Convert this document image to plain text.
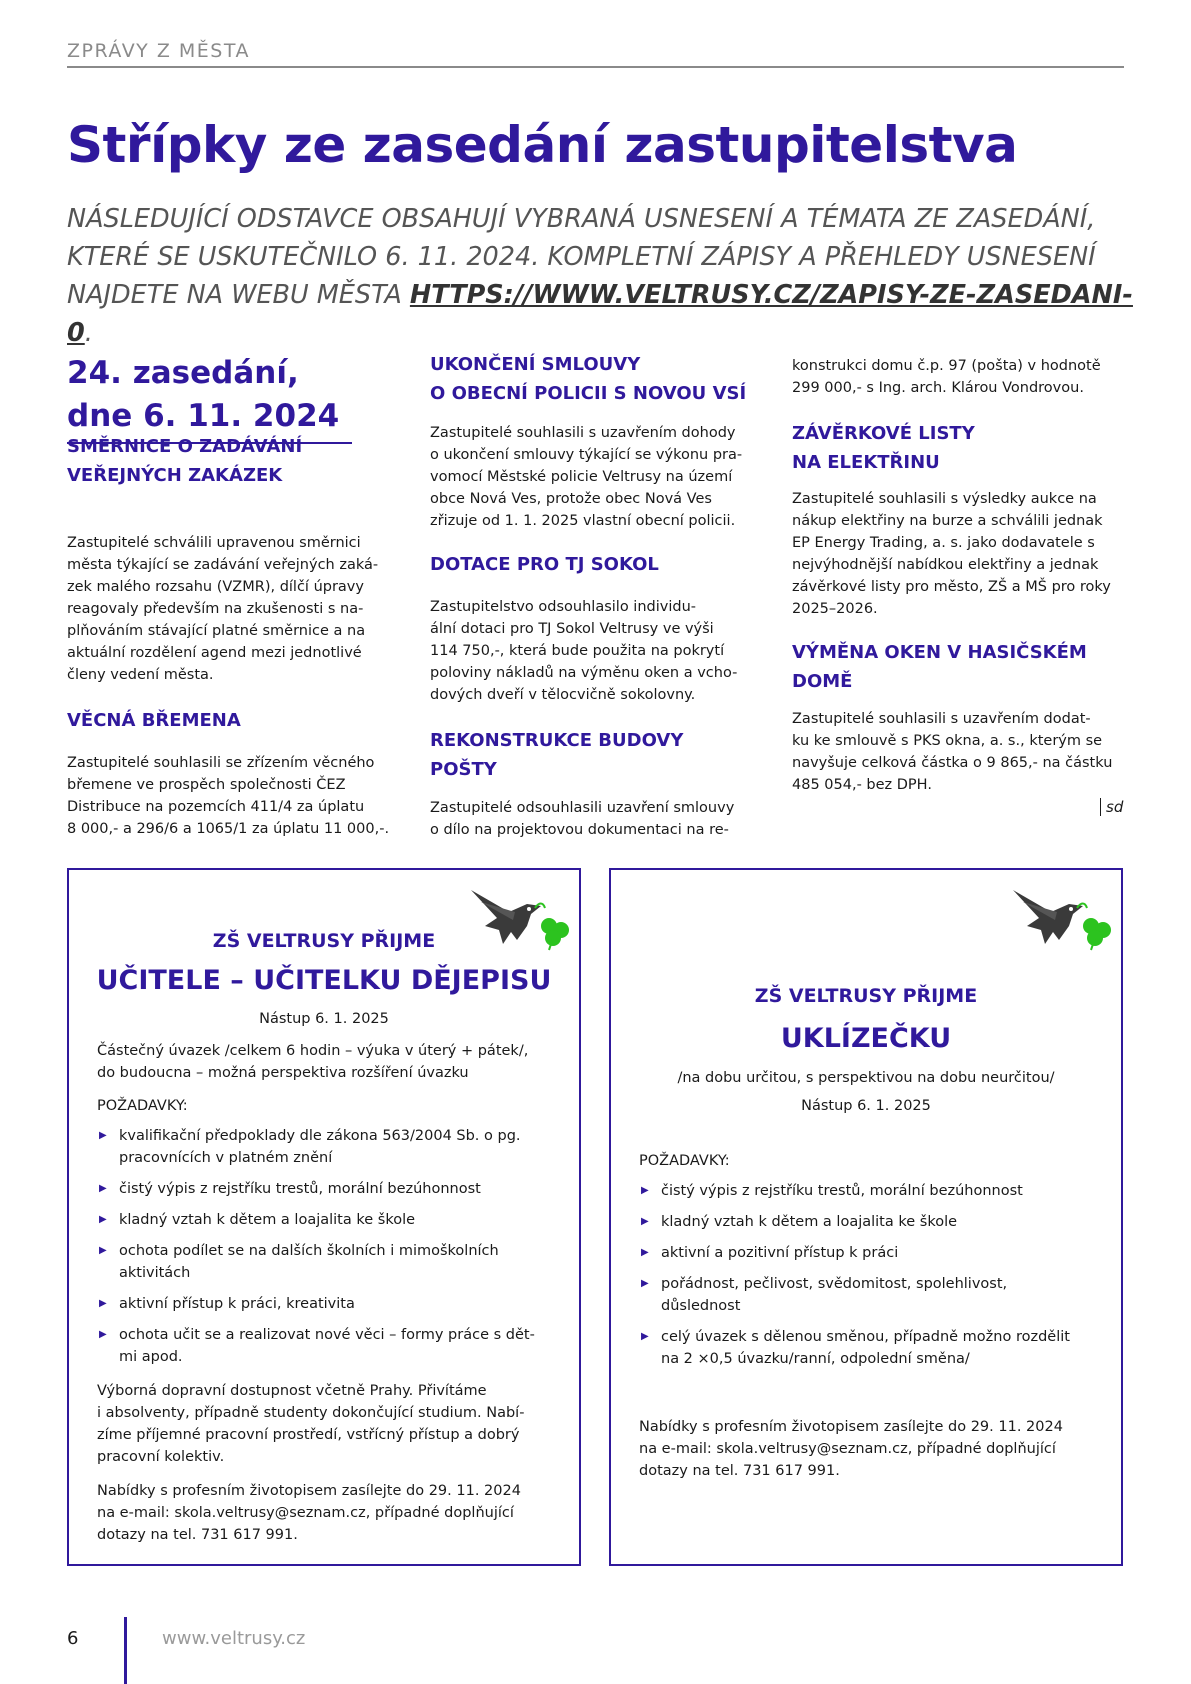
ZPRÁVY Z MĚSTA
Střípky ze zasedání zastupitelstva
NÁSLEDUJÍCÍ ODSTAVCE OBSAHUJÍ VYBRANÁ USNESENÍ A TÉMATA ZE ZASEDÁNÍ,
KTERÉ SE USKUTEČNILO 6. 11. 2024. KOMPLETNÍ ZÁPISY A PŘEHLEDY USNESENÍ
NAJDETE NA WEBU MĚSTA HTTPS://WWW.VELTRUSY.CZ/ZAPISY-ZE-ZASEDANI-0.
24. zasedání,
dne 6. 11. 2024
SMĚRNICE O ZADÁVÁNÍ
VEŘEJNÝCH ZAKÁZEK
Zastupitelé schválili upravenou směrnici
města týkající se zadávání veřejných zaká-
zek malého rozsahu (VZMR), dílčí úpravy
reagovaly především na zkušenosti s na-
plňováním stávající platné směrnice a na
aktuální rozdělení agend mezi jednotlivé
členy vedení města.
VĚCNÁ BŘEMENA
Zastupitelé souhlasili se zřízením věcného
břemene ve prospěch společnosti ČEZ
Distribuce na pozemcích 411/4 za úplatu
8 000,- a 296/6 a 1065/1 za úplatu 11 000,-.
UKONČENÍ SMLOUVY
O OBECNÍ POLICII S NOVOU VSÍ
Zastupitelé souhlasili s uzavřením dohody
o ukončení smlouvy týkající se výkonu pra-
vomocí Městské policie Veltrusy na území
obce Nová Ves, protože obec Nová Ves
zřizuje od 1. 1. 2025 vlastní obecní policii.
DOTACE PRO TJ SOKOL
Zastupitelstvo odsouhlasilo individu-
ální dotaci pro TJ Sokol Veltrusy ve výši
114 750,-, která bude použita na pokrytí
poloviny nákladů na výměnu oken a vcho-
dových dveří v tělocvičně sokolovny.
REKONSTRUKCE BUDOVY
POŠTY
Zastupitelé odsouhlasili uzavření smlouvy
o dílo na projektovou dokumentaci na re-
konstrukci domu č.p. 97 (pošta) v hodnotě
299 000,- s Ing. arch. Klárou Vondrovou.
ZÁVĚRKOVÉ LISTY
NA ELEKTŘINU
Zastupitelé souhlasili s výsledky aukce na
nákup elektřiny na burze a schválili jednak
EP Energy Trading, a. s. jako dodavatele s
nejvýhodnější nabídkou elektřiny a jednak
závěrkové listy pro město, ZŠ a MŠ pro roky
2025–2026.
VÝMĚNA OKEN V HASIČSKÉM
DOMĚ
Zastupitelé souhlasili s uzavřením dodat-
ku ke smlouvě s PKS okna, a. s., kterým se
navyšuje celková částka o 9 865,- na částku
485 054,- bez DPH.
sd
ZŠ VELTRUSY PŘIJME
UČITELE – UČITELKU DĚJEPISU
Nástup 6. 1. 2025
Částečný úvazek /celkem 6 hodin – výuka v úterý + pátek/,
do budoucna – možná perspektiva rozšíření úvazku
POŽADAVKY:
▶ kvalifikační předpoklady dle zákona 563/2004 Sb. o pg.
pracovnících v platném znění
▶ čistý výpis z rejstříku trestů, morální bezúhonnost
▶ kladný vztah k dětem a loajalita ke škole
▶ ochota podílet se na dalších školních i mimoškolních
aktivitách
▶ aktivní přístup k práci, kreativita
▶ ochota učit se a realizovat nové věci – formy práce s dět-
mi apod.
Výborná dopravní dostupnost včetně Prahy. Přivítáme
i absolventy, případně studenty dokončující studium. Nabí-
zíme příjemné pracovní prostředí, vstřícný přístup a dobrý
pracovní kolektiv.
Nabídky s profesním životopisem zasílejte do 29. 11. 2024
na e-mail: skola.veltrusy@seznam.cz, případné doplňující
dotazy na tel. 731 617 991.
ZŠ VELTRUSY PŘIJME
UKLÍZEČKU
/na dobu určitou, s perspektivou na dobu neurčitou/
Nástup 6. 1. 2025
POŽADAVKY:
▶ čistý výpis z rejstříku trestů, morální bezúhonnost
▶ kladný vztah k dětem a loajalita ke škole
▶ aktivní a pozitivní přístup k práci
▶ pořádnost, pečlivost, svědomitost, spolehlivost,
důslednost
▶ celý úvazek s dělenou směnou, případně možno rozdělit
na 2 ×0,5 úvazku/ranní, odpolední směna/
Nabídky s profesním životopisem zasílejte do 29. 11. 2024
na e-mail: skola.veltrusy@seznam.cz, případné doplňující
dotazy na tel. 731 617 991.
6	www.veltrusy.cz
